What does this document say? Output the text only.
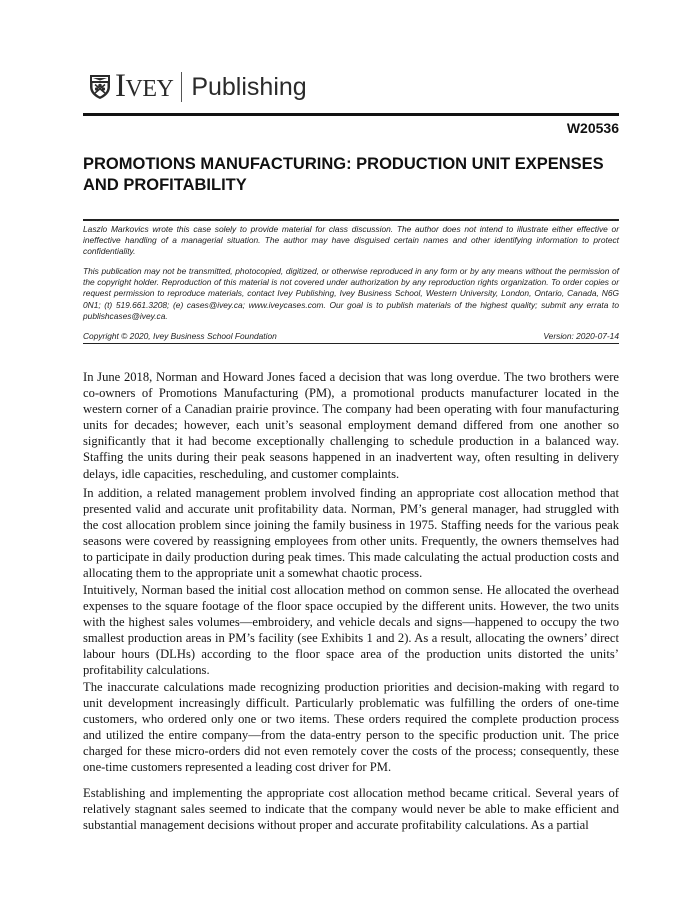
IVEY Publishing
W20536
PROMOTIONS MANUFACTURING: PRODUCTION UNIT EXPENSES AND PROFITABILITY

Laszlo Markovics wrote this case solely to provide material for class discussion. The author does not intend to illustrate either effective or ineffective handling of a managerial situation. The author may have disguised certain names and other identifying information to protect confidentiality.

This publication may not be transmitted, photocopied, digitized, or otherwise reproduced in any form or by any means without the permission of the copyright holder. Reproduction of this material is not covered under authorization by any reproduction rights organization. To order copies or request permission to reproduce materials, contact Ivey Publishing, Ivey Business School, Western University, London, Ontario, Canada, N6G 0N1; (t) 519.661.3208; (e) cases@ivey.ca; www.iveycases.com. Our goal is to publish materials of the highest quality; submit any errata to publishcases@ivey.ca.

Copyright © 2020, Ivey Business School Foundation	Version: 2020-07-14

In June 2018, Norman and Howard Jones faced a decision that was long overdue. The two brothers were co-owners of Promotions Manufacturing (PM), a promotional products manufacturer located in the western corner of a Canadian prairie province. The company had been operating with four manufacturing units for decades; however, each unit’s seasonal employment demand differed from one another so significantly that it had become exceptionally challenging to schedule production in a balanced way. Staffing the units during their peak seasons happened in an inadvertent way, often resulting in delivery delays, idle capacities, rescheduling, and customer complaints.

In addition, a related management problem involved finding an appropriate cost allocation method that presented valid and accurate unit profitability data. Norman, PM’s general manager, had struggled with the cost allocation problem since joining the family business in 1975. Staffing needs for the various peak seasons were covered by reassigning employees from other units. Frequently, the owners themselves had to participate in daily production during peak times. This made calculating the actual production costs and allocating them to the appropriate unit a somewhat chaotic process.

Intuitively, Norman based the initial cost allocation method on common sense. He allocated the overhead expenses to the square footage of the floor space occupied by the different units. However, the two units with the highest sales volumes—embroidery, and vehicle decals and signs—happened to occupy the two smallest production areas in PM’s facility (see Exhibits 1 and 2). As a result, allocating the owners’ direct labour hours (DLHs) according to the floor space area of the production units distorted the units’ profitability calculations.

The inaccurate calculations made recognizing production priorities and decision-making with regard to unit development increasingly difficult. Particularly problematic was fulfilling the orders of one-time customers, who ordered only one or two items. These orders required the complete production process and utilized the entire company—from the data-entry person to the specific production unit. The price charged for these micro-orders did not even remotely cover the costs of the process; consequently, these one-time customers represented a leading cost driver for PM.

Establishing and implementing the appropriate cost allocation method became critical. Several years of relatively stagnant sales seemed to indicate that the company would never be able to make efficient and substantial management decisions without proper and accurate profitability calculations. As a partial
